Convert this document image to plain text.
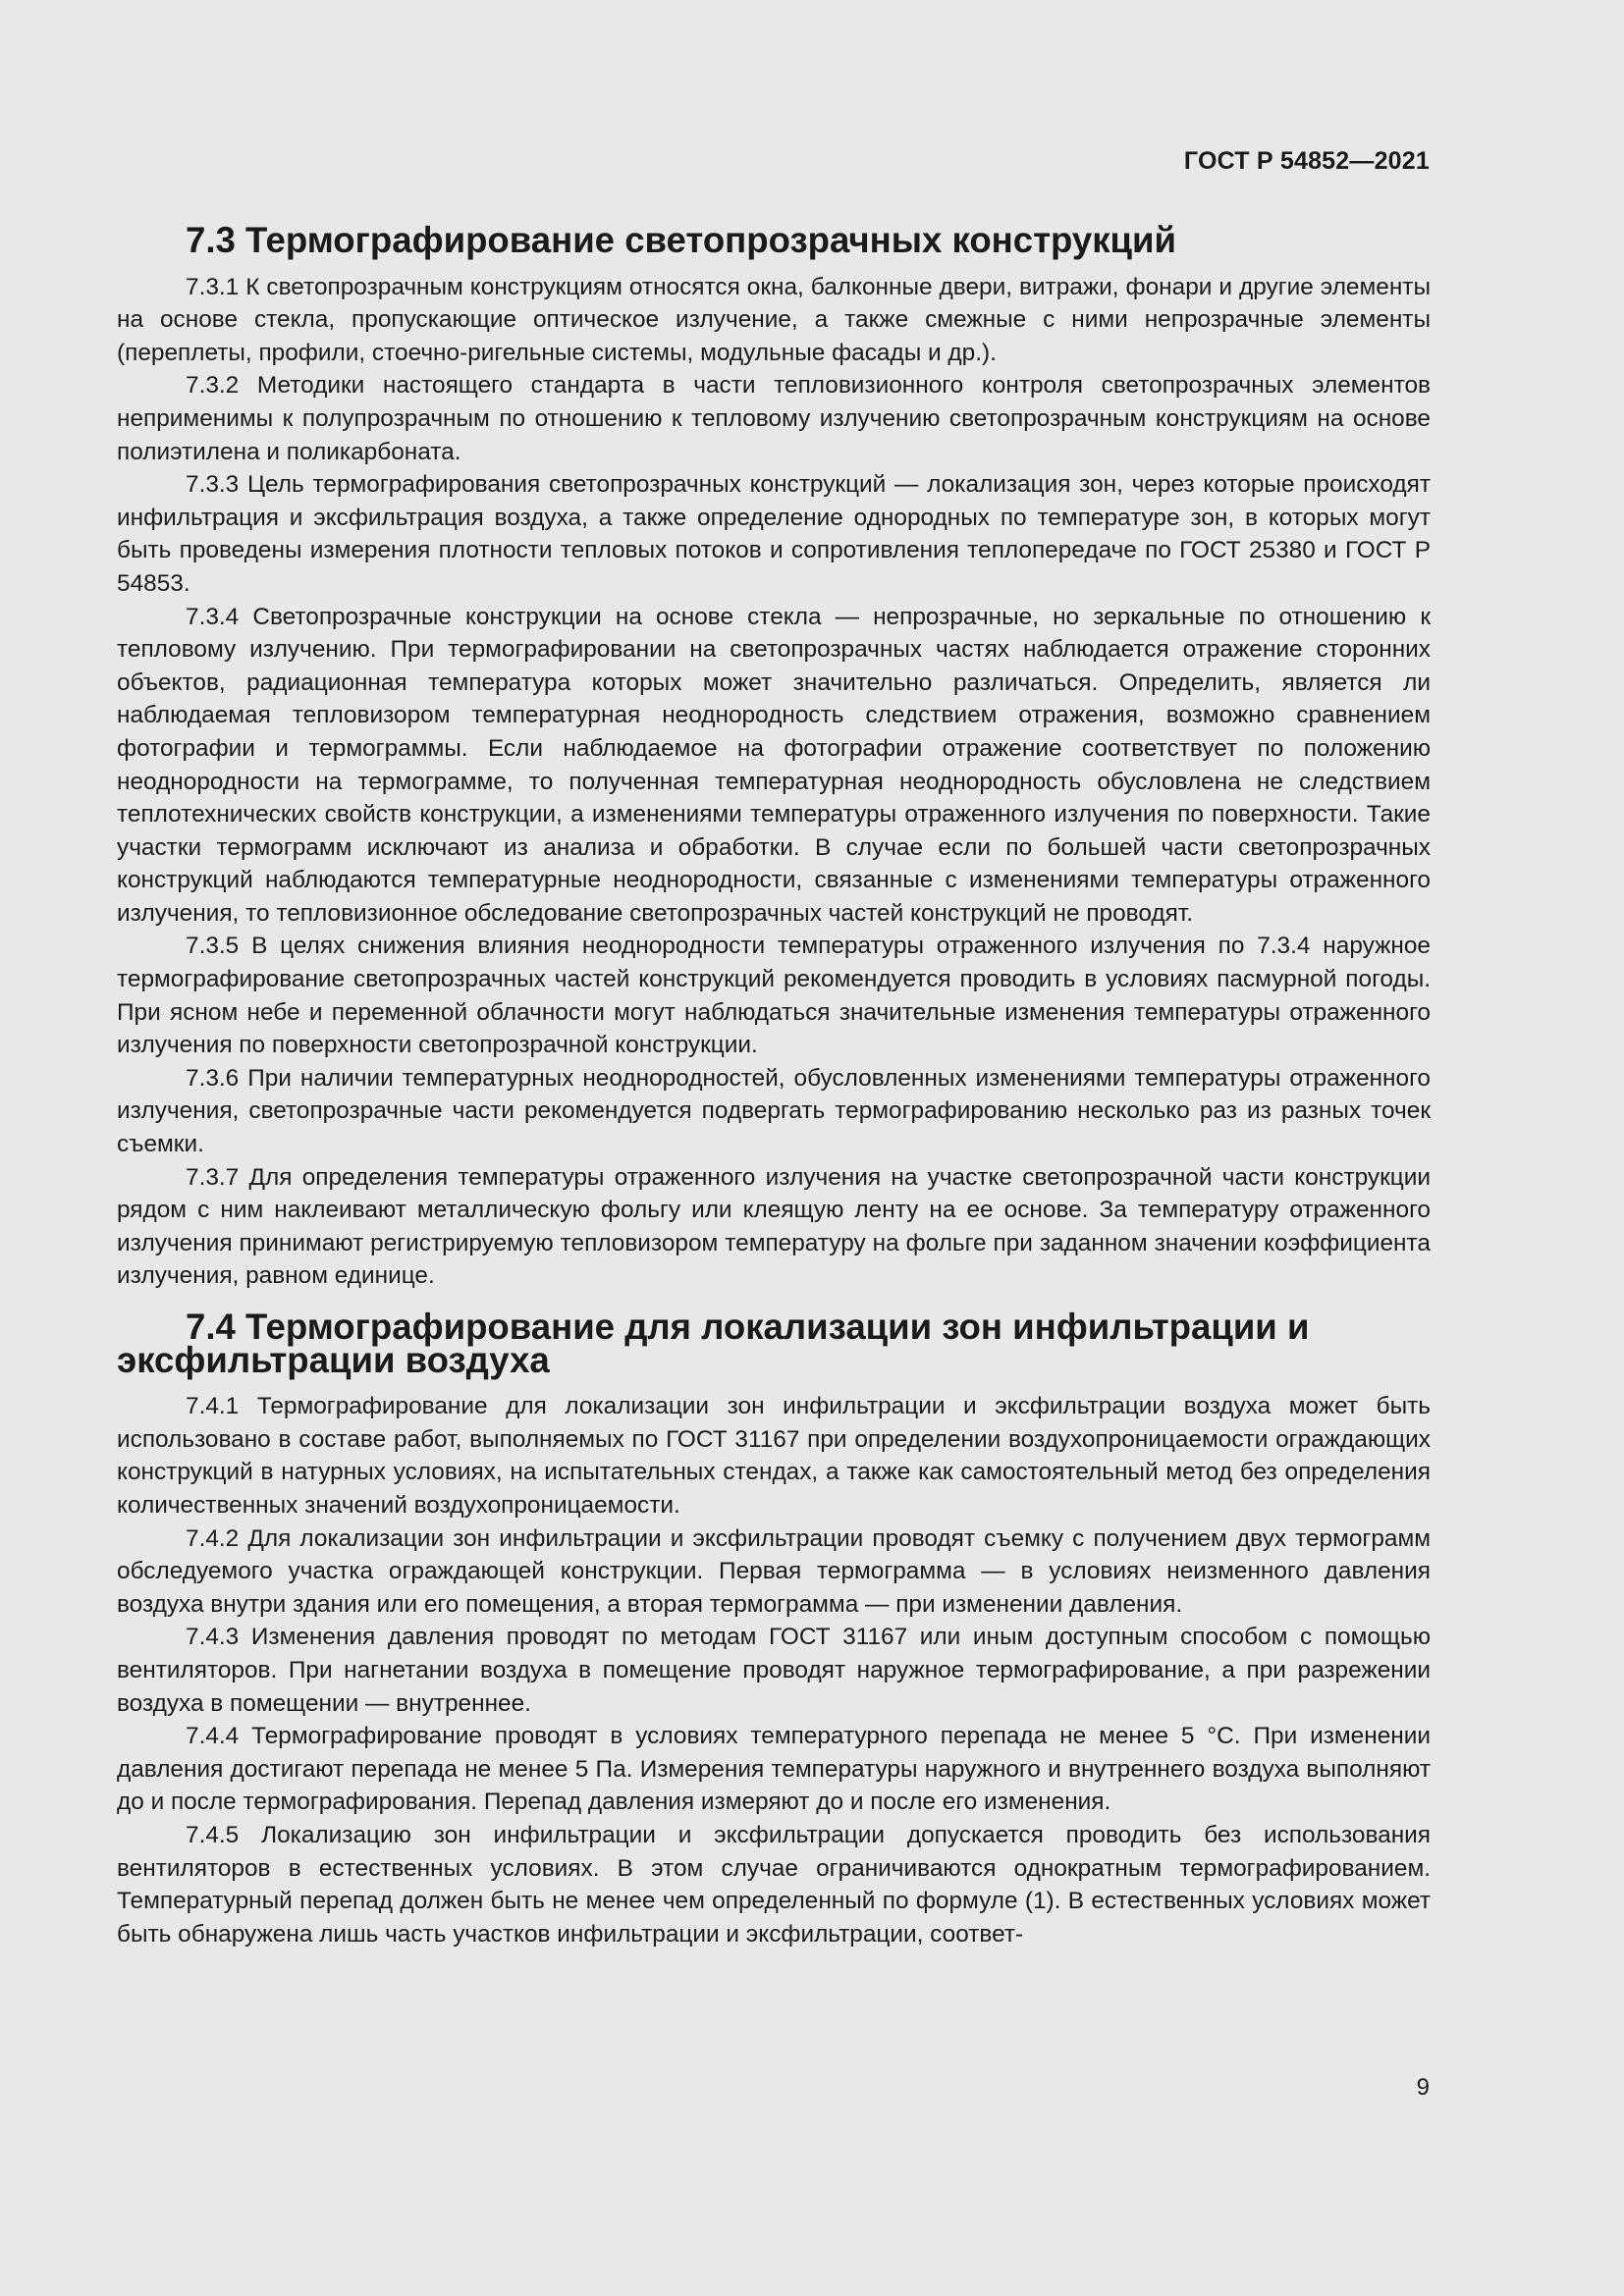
ГОСТ Р 54852—2021
7.3 Термографирование светопрозрачных конструкций

7.3.1 К светопрозрачным конструкциям относятся окна, балконные двери, витражи, фонари и другие элементы на основе стекла, пропускающие оптическое излучение, а также смежные с ними непрозрачные элементы (переплеты, профили, стоечно-ригельные системы, модульные фасады и др.).

7.3.2 Методики настоящего стандарта в части тепловизионного контроля светопрозрачных элементов неприменимы к полупрозрачным по отношению к тепловому излучению светопрозрачным конструкциям на основе полиэтилена и поликарбоната.

7.3.3 Цель термографирования светопрозрачных конструкций — локализация зон, через которые происходят инфильтрация и эксфильтрация воздуха, а также определение однородных по температуре зон, в которых могут быть проведены измерения плотности тепловых потоков и сопротивления теплопередаче по ГОСТ 25380 и ГОСТ Р 54853.

7.3.4 Светопрозрачные конструкции на основе стекла — непрозрачные, но зеркальные по отношению к тепловому излучению. При термографировании на светопрозрачных частях наблюдается отражение сторонних объектов, радиационная температура которых может значительно различаться. Определить, является ли наблюдаемая тепловизором температурная неоднородность следствием отражения, возможно сравнением фотографии и термограммы. Если наблюдаемое на фотографии отражение соответствует по положению неоднородности на термограмме, то полученная температурная неоднородность обусловлена не следствием теплотехнических свойств конструкции, а изменениями температуры отраженного излучения по поверхности. Такие участки термограмм исключают из анализа и обработки. В случае если по большей части светопрозрачных конструкций наблюдаются температурные неоднородности, связанные с изменениями температуры отраженного излучения, то тепловизионное обследование светопрозрачных частей конструкций не проводят.

7.3.5 В целях снижения влияния неоднородности температуры отраженного излучения по 7.3.4 наружное термографирование светопрозрачных частей конструкций рекомендуется проводить в условиях пасмурной погоды. При ясном небе и переменной облачности могут наблюдаться значительные изменения температуры отраженного излучения по поверхности светопрозрачной конструкции.

7.3.6 При наличии температурных неоднородностей, обусловленных изменениями температуры отраженного излучения, светопрозрачные части рекомендуется подвергать термографированию несколько раз из разных точек съемки.

7.3.7 Для определения температуры отраженного излучения на участке светопрозрачной части конструкции рядом с ним наклеивают металлическую фольгу или клеящую ленту на ее основе. За температуру отраженного излучения принимают регистрируемую тепловизором температуру на фольге при заданном значении коэффициента излучения, равном единице.

7.4 Термографирование для локализации зон инфильтрации и эксфильтрации воздуха

7.4.1 Термографирование для локализации зон инфильтрации и эксфильтрации воздуха может быть использовано в составе работ, выполняемых по ГОСТ 31167 при определении воздухопроницаемости ограждающих конструкций в натурных условиях, на испытательных стендах, а также как самостоятельный метод без определения количественных значений воздухопроницаемости.

7.4.2 Для локализации зон инфильтрации и эксфильтрации проводят съемку с получением двух термограмм обследуемого участка ограждающей конструкции. Первая термограмма — в условиях неизменного давления воздуха внутри здания или его помещения, а вторая термограмма — при изменении давления.

7.4.3 Изменения давления проводят по методам ГОСТ 31167 или иным доступным способом с помощью вентиляторов. При нагнетании воздуха в помещение проводят наружное термографирование, а при разрежении воздуха в помещении — внутреннее.

7.4.4 Термографирование проводят в условиях температурного перепада не менее 5 °C. При изменении давления достигают перепада не менее 5 Па. Измерения температуры наружного и внутреннего воздуха выполняют до и после термографирования. Перепад давления измеряют до и после его изменения.

7.4.5 Локализацию зон инфильтрации и эксфильтрации допускается проводить без использования вентиляторов в естественных условиях. В этом случае ограничиваются однократным термографированием. Температурный перепад должен быть не менее чем определенный по формуле (1). В естественных условиях может быть обнаружена лишь часть участков инфильтрации и эксфильтрации, соответ-

9
